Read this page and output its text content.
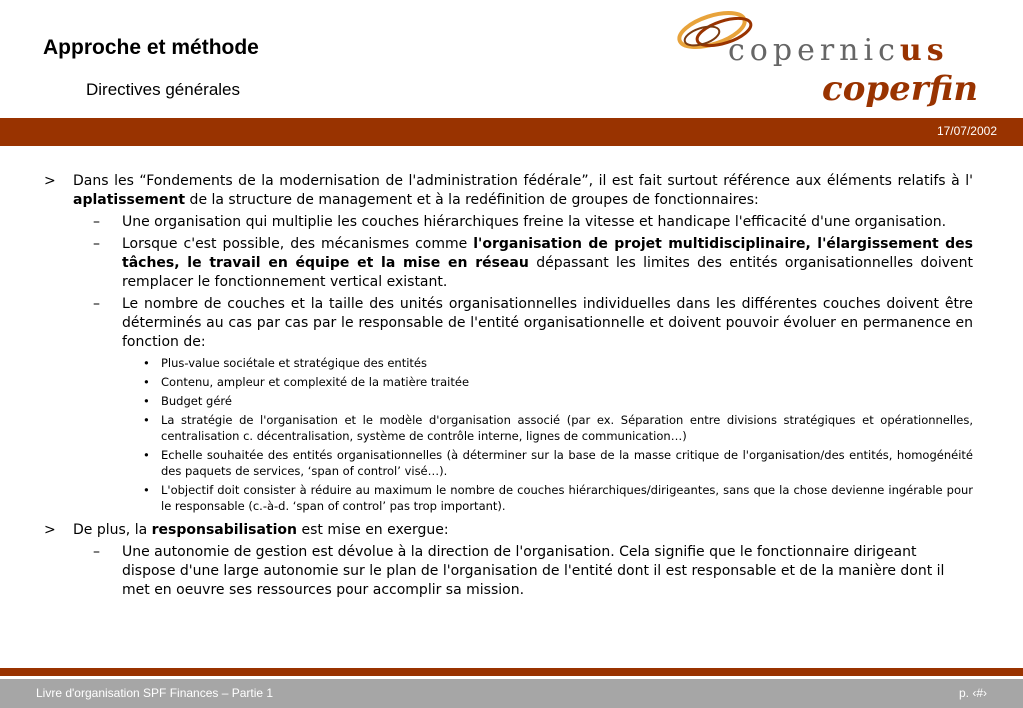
Approche et méthode
Directives générales
copernicus
coperfin
17/07/2002
> Dans les “Fondements de la modernisation de l'administration fédérale”, il est fait surtout référence aux éléments relatifs à l' aplatissement de la structure de management et à la redéfinition de groupes de fonctionnaires:
– Une organisation qui multiplie les couches hiérarchiques freine la vitesse et handicape l'efficacité d'une organisation.
– Lorsque c'est possible, des mécanismes comme l'organisation de projet multidisciplinaire, l'élargissement des tâches, le travail en équipe et la mise en réseau dépassant les limites des entités organisationnelles doivent remplacer le fonctionnement vertical existant.
– Le nombre de couches et la taille des unités organisationnelles individuelles dans les différentes couches doivent être déterminés au cas par cas par le responsable de l'entité organisationnelle et doivent pouvoir évoluer en permanence en fonction de:
• Plus-value sociétale et stratégique des entités
• Contenu, ampleur et complexité de la matière traitée
• Budget géré
• La stratégie de l'organisation et le modèle d'organisation associé (par ex. Séparation entre divisions stratégiques et opérationnelles, centralisation c. décentralisation, système de contrôle interne, lignes de communication…)
• Echelle souhaitée des entités organisationnelles (à déterminer sur la base de la masse critique de l'organisation/des entités, homogénéité des paquets de services, ‘span of control’ visé…).
• L'objectif doit consister à réduire au maximum le nombre de couches hiérarchiques/dirigeantes, sans que la chose devienne ingérable pour le responsable (c.-à-d. ‘span of control’ pas trop important).
> De plus, la responsabilisation est mise en exergue:
– Une autonomie de gestion est dévolue à la direction de l'organisation. Cela signifie que le fonctionnaire dirigeant dispose d'une large autonomie sur le plan de l'organisation de l'entité dont il est responsable et de la manière dont il met en oeuvre ses ressources pour accomplir sa mission.
Livre d'organisation SPF Finances – Partie 1	p. ‹#›
